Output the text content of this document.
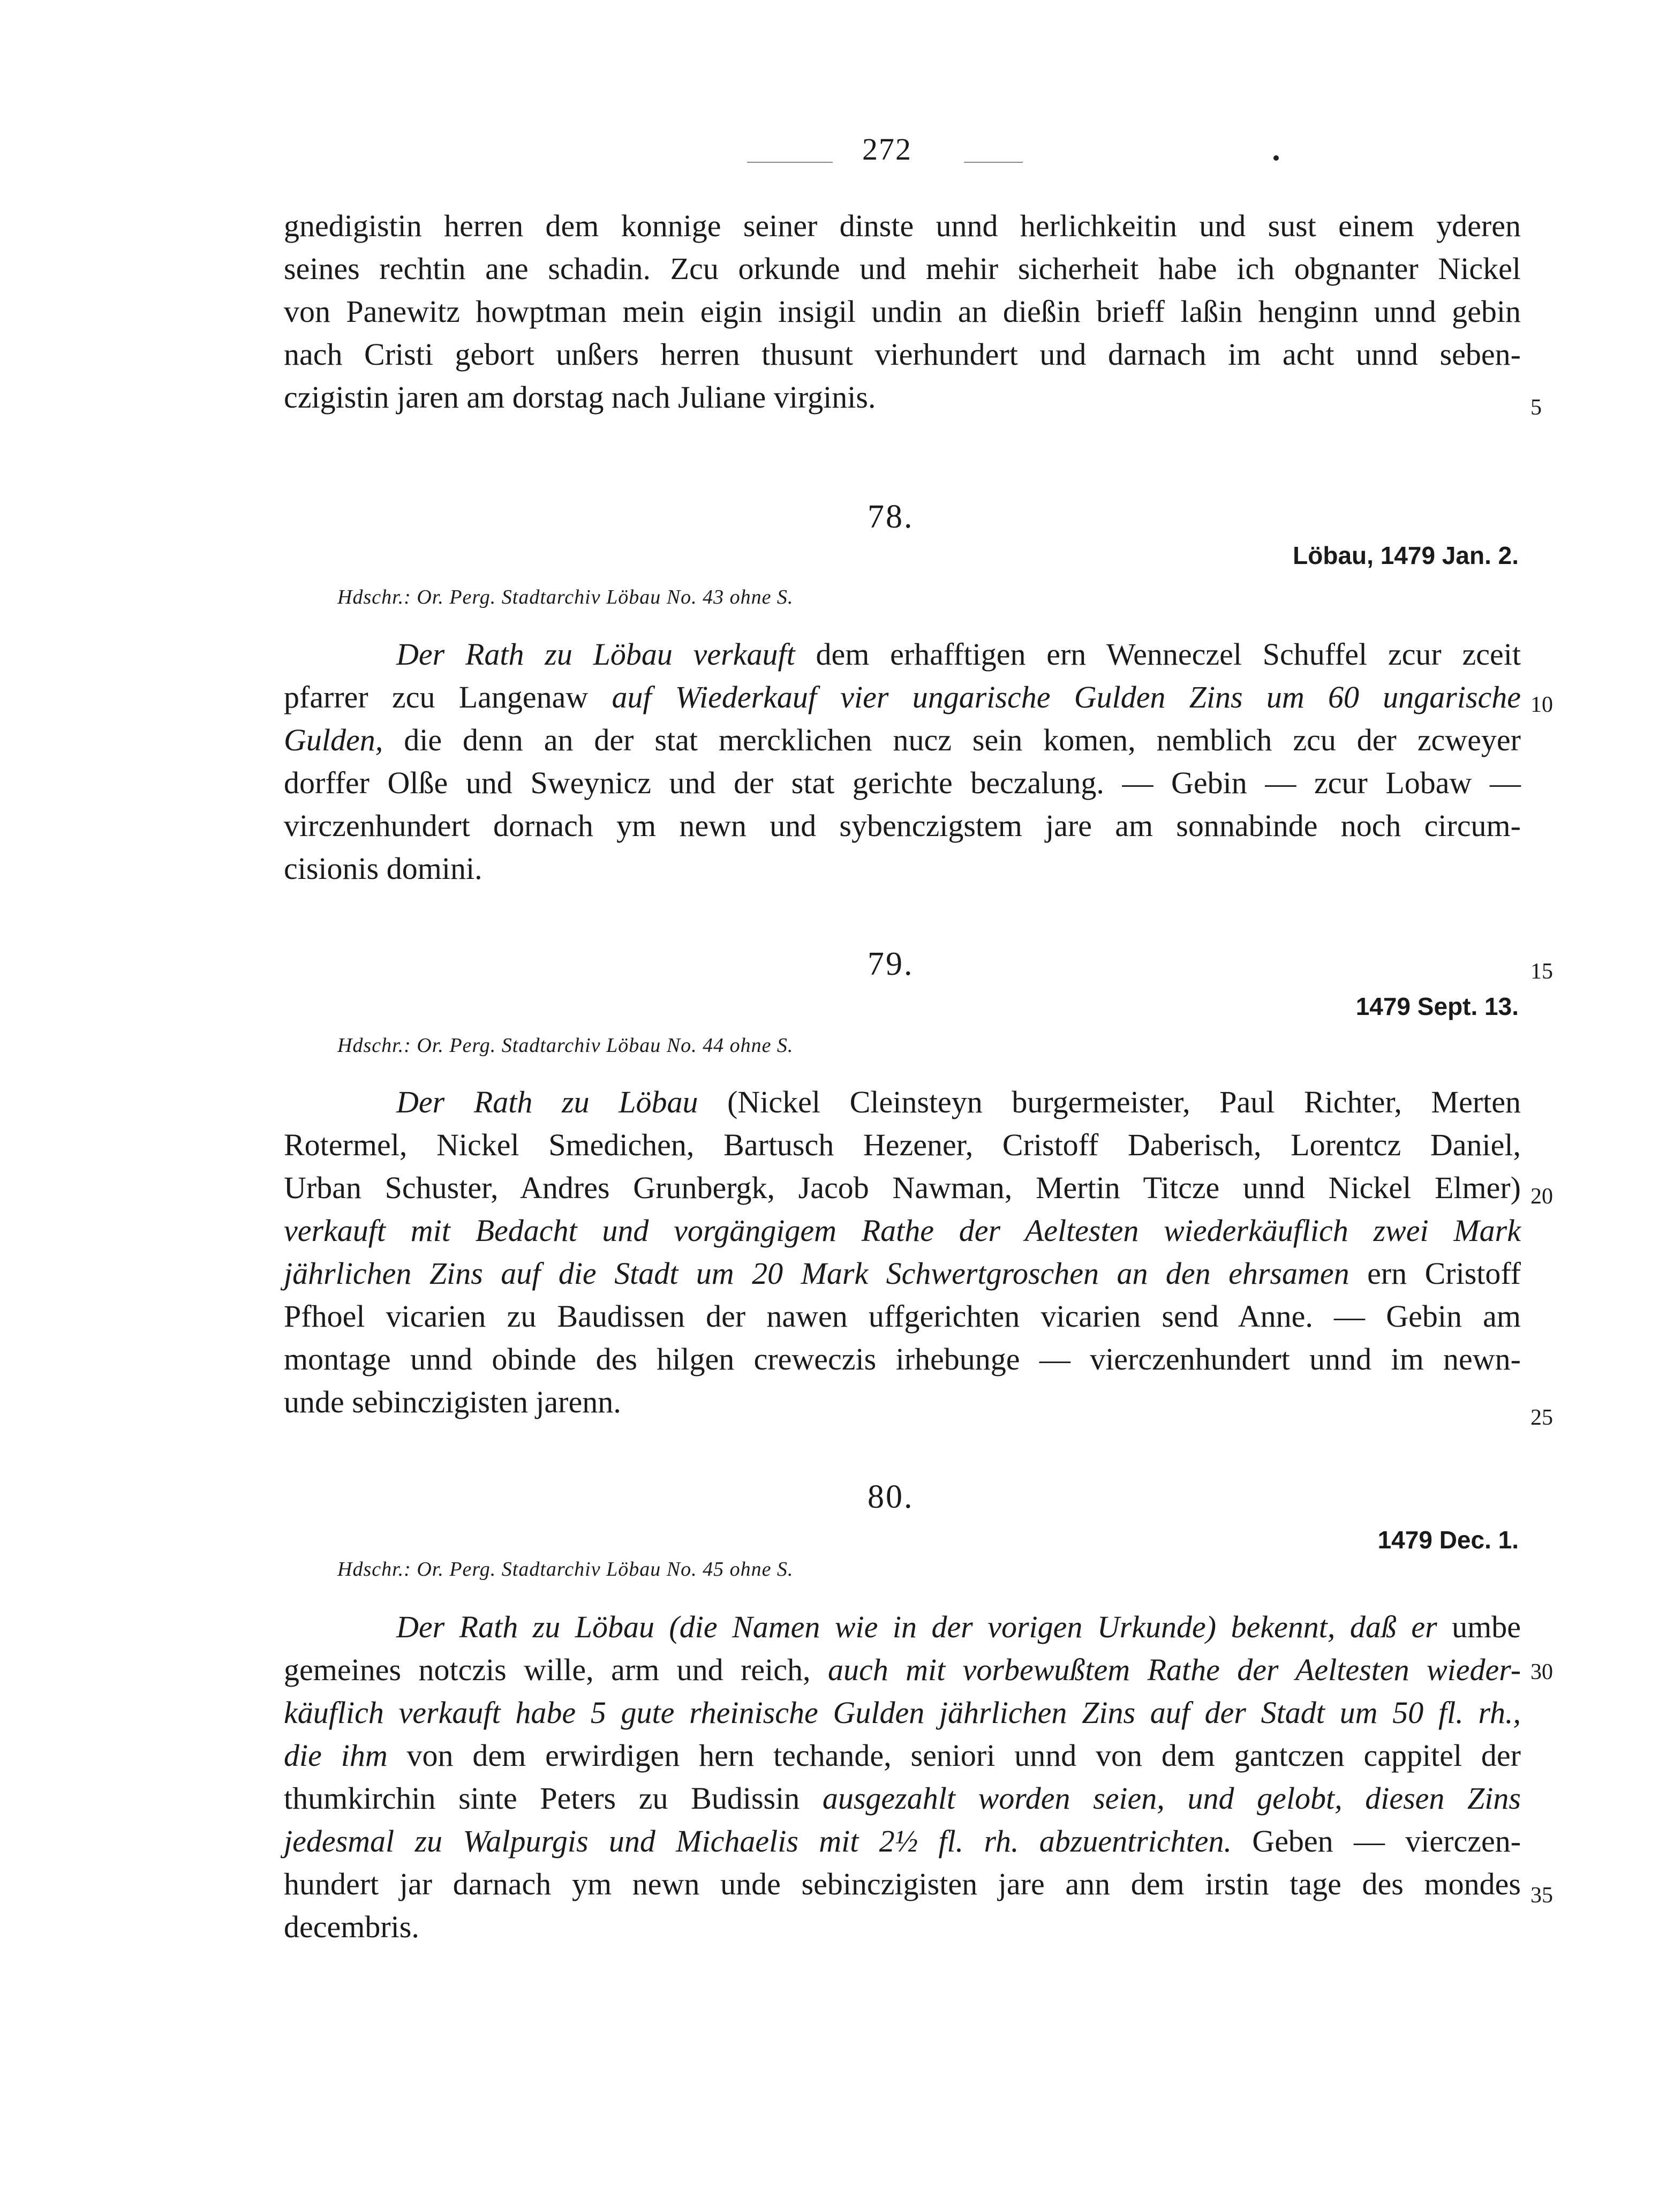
272
gnedigistin herren dem konnige seiner dinste unnd herlichkeitin und sust einem yderen
seines rechtin ane schadin. Zcu orkunde und mehir sicherheit habe ich obgnanter Nickel
von Panewitz howptman mein eigin insigil undin an dießin brieff laßin henginn unnd gebin
nach Cristi gebort unßers herren thusunt vierhundert und darnach im acht unnd seben-
czigistin jaren am dorstag nach Juliane virginis.	5
10
15
20
25
30
35
78.
Löbau, 1479 Jan. 2.
Hdschr.: Or. Perg. Stadtarchiv Löbau No. 43 ohne S.
Der Rath zu Löbau verkauft dem erhafftigen ern Wenneczel Schuffel zcur zceit
pfarrer zcu Langenaw auf Wiederkauf vier ungarische Gulden Zins um 60 ungarische
Gulden, die denn an der stat mercklichen nucz sein komen, nemblich zcu der zcweyer
dorffer Olße und Sweynicz und der stat gerichte beczalung. — Gebin — zcur Lobaw —
virczenhundert dornach ym newn und sybenczigstem jare am sonnabinde noch circum-
cisionis domini.
79.
1479 Sept. 13.
Hdschr.: Or. Perg. Stadtarchiv Löbau No. 44 ohne S.
Der Rath zu Löbau (Nickel Cleinsteyn burgermeister, Paul Richter, Merten
Rotermel, Nickel Smedichen, Bartusch Hezener, Cristoff Daberisch, Lorentcz Daniel,
Urban Schuster, Andres Grunbergk, Jacob Nawman, Mertin Titcze unnd Nickel Elmer)
verkauft mit Bedacht und vorgängigem Rathe der Aeltesten wiederkäuflich zwei Mark
jährlichen Zins auf die Stadt um 20 Mark Schwertgroschen an den ehrsamen ern Cristoff
Pfhoel vicarien zu Baudissen der nawen uffgerichten vicarien send Anne. — Gebin am
montage unnd obinde des hilgen creweczis irhebunge — vierczenhundert unnd im newn-
unde sebinczigisten jarenn.
80.
1479 Dec. 1.
Hdschr.: Or. Perg. Stadtarchiv Löbau No. 45 ohne S.
Der Rath zu Löbau (die Namen wie in der vorigen Urkunde) bekennt, daß er umbe
gemeines notczis wille, arm und reich, auch mit vorbewußtem Rathe der Aeltesten wieder-
käuflich verkauft habe 5 gute rheinische Gulden jährlichen Zins auf der Stadt um 50 fl. rh.,
die ihm von dem erwirdigen hern techande, seniori unnd von dem gantczen cappitel der
thumkirchin sinte Peters zu Budissin ausgezahlt worden seien, und gelobt, diesen Zins
jedesmal zu Walpurgis und Michaelis mit 2½ fl. rh. abzuentrichten. Geben — vierczen-
hundert jar darnach ym newn unde sebinczigisten jare ann dem irstin tage des mondes
decembris.
